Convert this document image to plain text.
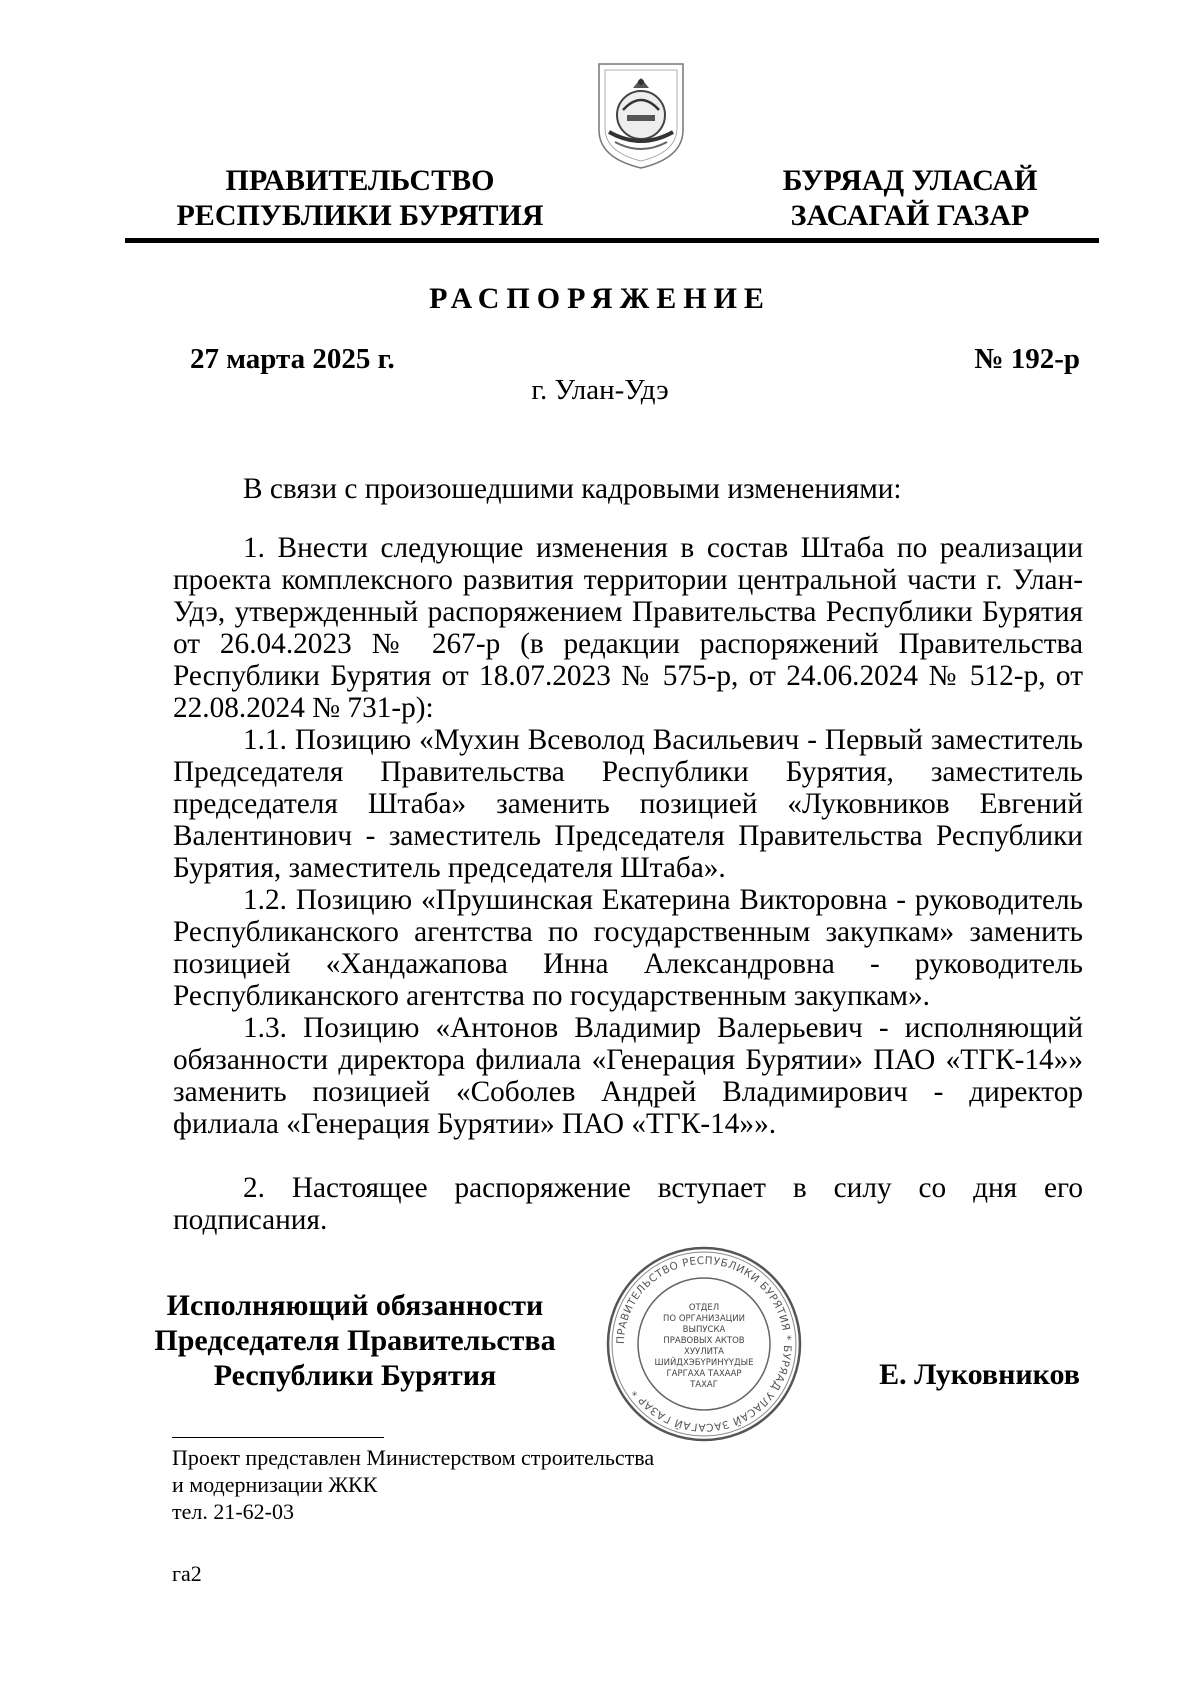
ПРАВИТЕЛЬСТВО
РЕСПУБЛИКИ БУРЯТИЯ
БУРЯАД УЛАСАЙ
ЗАСАГАЙ ГАЗАР
РАСПОРЯЖЕНИЕ
27 марта 2025 г.	№ 192-р
г. Улан-Удэ

В связи с произошедшими кадровыми изменениями:

1. Внести следующие изменения в состав Штаба по реализации проекта комплексного развития территории центральной части г. Улан-Удэ, утвержденный распоряжением Правительства Республики Бурятия от 26.04.2023 № 267-р (в редакции распоряжений Правительства Республики Бурятия от 18.07.2023 № 575-р, от 24.06.2024 № 512-р, от 22.08.2024 № 731-р):

1.1. Позицию «Мухин Всеволод Васильевич - Первый заместитель Председателя Правительства Республики Бурятия, заместитель председателя Штаба» заменить позицией «Луковников Евгений Валентинович - заместитель Председателя Правительства Республики Бурятия, заместитель председателя Штаба».

1.2. Позицию «Прушинская Екатерина Викторовна - руководитель Республиканского агентства по государственным закупкам» заменить позицией «Хандажапова Инна Александровна - руководитель Республиканского агентства по государственным закупкам».

1.3. Позицию «Антонов Владимир Валерьевич - исполняющий обязанности директора филиала «Генерация Бурятии» ПАО «ТГК-14»» заменить позицией «Соболев Андрей Владимирович - директор филиала «Генерация Бурятии» ПАО «ТГК-14»».

2. Настоящее распоряжение вступает в силу со дня его подписания.

Исполняющий обязанности
Председателя Правительства
Республики Бурятия
ПРАВИТЕЛЬСТВО РЕСПУБЛИКИ БУРЯТИЯ * БУРЯАД УЛАСАЙ ЗАСАГАЙ ГАЗАР *
ОТДЕЛ
ПО ОРГАНИЗАЦИИ
ВЫПУСКА
ПРАВОВЫХ АКТОВ
ХУУЛИТА
ШИЙДХЭБҮРИНҮҮДЫЕ
ГАРГАХА ТАХААР
ТАХАГ	Е. Луковников
Проект представлен Министерством строительства
и модернизации ЖКК
тел. 21-62-03
га2
